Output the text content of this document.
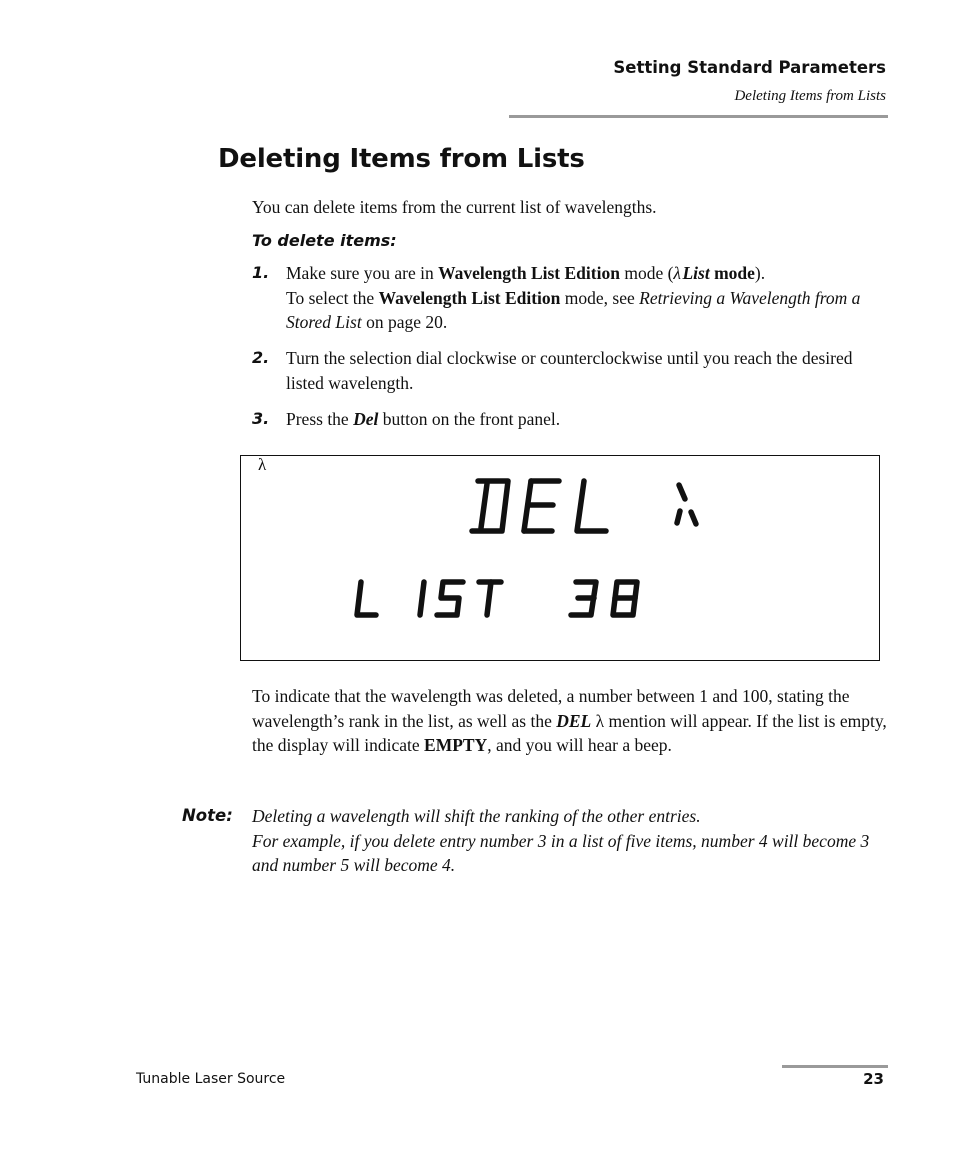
Setting Standard Parameters

Deleting Items from Lists

Deleting Items from Lists

You can delete items from the current list of wavelengths.

To delete items:

1. Make sure you are in Wavelength List Edition mode (λ List mode).
To select the Wavelength List Edition mode, see Retrieving a Wavelength from a Stored List on page 20.
2. Turn the selection dial clockwise or counterclockwise until you reach the desired listed wavelength.
3. Press the Del button on the front panel.
λ

To indicate that the wavelength was deleted, a number between 1 and 100, stating the wavelength’s rank in the list, as well as the DEL λ mention will appear. If the list is empty, the display will indicate EMPTY, and you will hear a beep.

Note: Deleting a wavelength will shift the ranking of the other entries.
For example, if you delete entry number 3 in a list of five items, number 4 will become 3 and number 5 will become 4.

Tunable Laser Source	23
